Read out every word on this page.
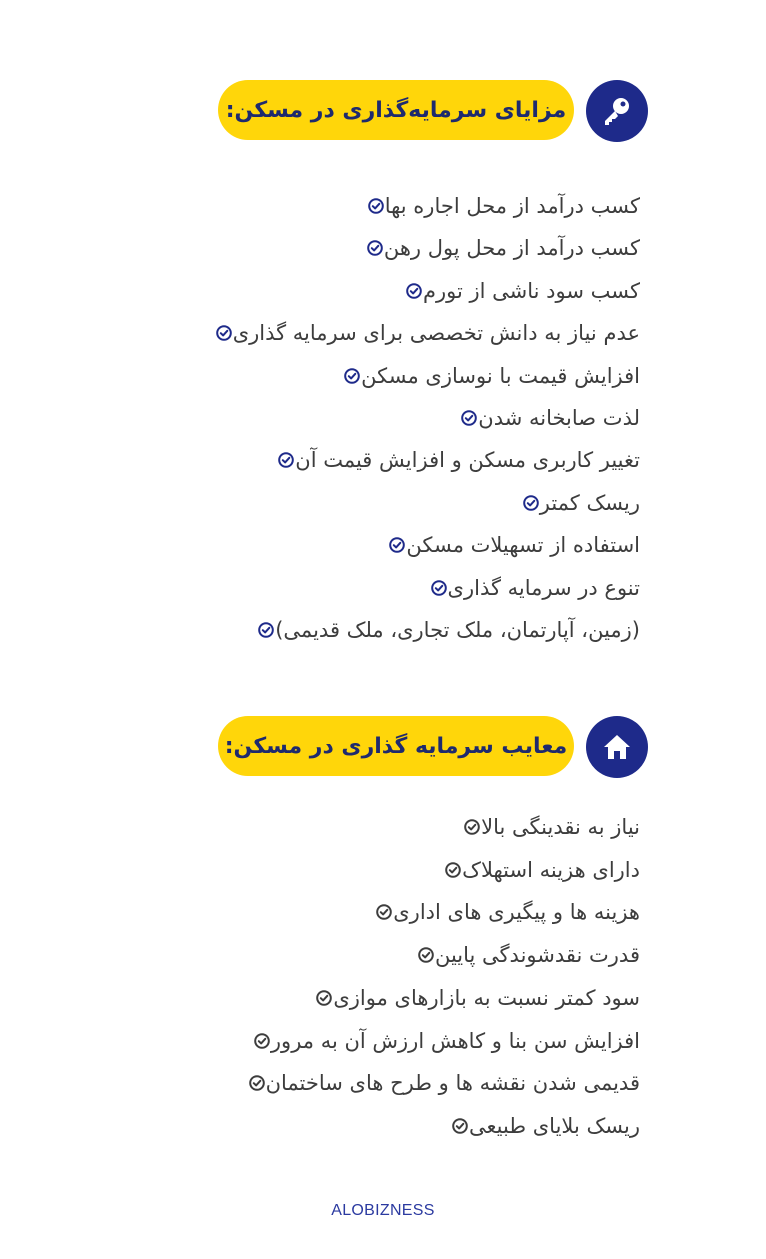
مزایای سرمایه‌گذاری در مسکن:
کسب درآمد از محل اجاره بها
کسب درآمد از محل پول رهن
کسب سود ناشی از تورم
عدم نیاز به دانش تخصصی برای سرمایه گذاری
افزایش قیمت با نوسازی مسکن
لذت صابخانه شدن
تغییر کاربری مسکن و افزایش قیمت آن
ریسک کمتر
استفاده از تسهیلات مسکن
تنوع در سرمایه گذاری
(زمین، آپارتمان، ملک تجاری، ملک قدیمی)
معایب سرمایه گذاری در مسکن:
نیاز به نقدینگی بالا
دارای هزینه استهلاک
هزینه ها و پیگیری های اداری
قدرت نقدشوندگی پایین
سود کمتر نسبت به بازارهای موازی
افزایش سن بنا و کاهش ارزش آن به مرور
قدیمی شدن نقشه ها و طرح های ساختمان
ریسک بلایای طبیعی
ALOBIZNESS
